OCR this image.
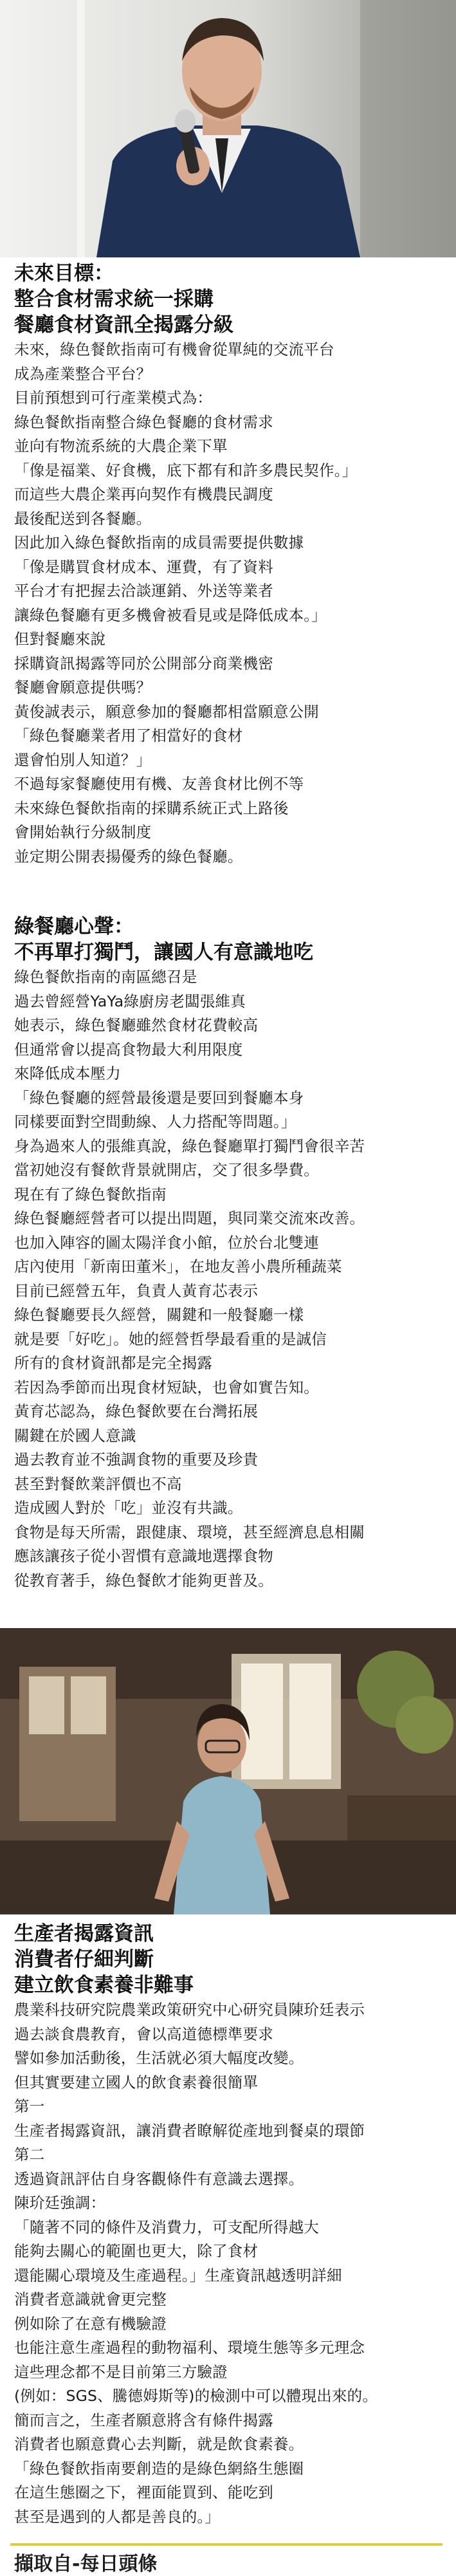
未來目標：
整合食材需求統一採購
餐廳食材資訊全揭露分級
未來，綠色餐飲指南可有機會從單純的交流平台
成為產業整合平台？
目前預想到可行產業模式為：
綠色餐飲指南整合綠色餐廳的食材需求
並向有物流系統的大農企業下單
「像是福業、好食機，底下都有和許多農民契作。」
而這些大農企業再向契作有機農民調度
最後配送到各餐廳。
因此加入綠色餐飲指南的成員需要提供數據
「像是購買食材成本、運費，有了資料
平台才有把握去洽談運銷、外送等業者
讓綠色餐廳有更多機會被看見或是降低成本。」
但對餐廳來說
採購資訊揭露等同於公開部分商業機密
餐廳會願意提供嗎？
黃俊誠表示，願意參加的餐廳都相當願意公開
「綠色餐廳業者用了相當好的食材
還會怕別人知道？」
不過每家餐廳使用有機、友善食材比例不等
未來綠色餐飲指南的採購系統正式上路後
會開始執行分級制度
並定期公開表揚優秀的綠色餐廳。
綠餐廳心聲：
不再單打獨鬥，讓國人有意識地吃
綠色餐飲指南的南區總召是
過去曾經營YaYa綠廚房老闆張維真
她表示，綠色餐廳雖然食材花費較高
但通常會以提高食物最大利用限度
來降低成本壓力
「綠色餐廳的經營最後還是要回到餐廳本身
同樣要面對空間動線、人力搭配等問題。」
身為過來人的張維真說，綠色餐廳單打獨鬥會很辛苦
當初她沒有餐飲背景就開店，交了很多學費。
現在有了綠色餐飲指南
綠色餐廳經營者可以提出問題，與同業交流來改善。
也加入陣容的圖太陽洋食小館，位於台北雙連
店內使用「新南田董米」，在地友善小農所種蔬菜
目前已經營五年，負責人黃育芯表示
綠色餐廳要長久經營，關鍵和一般餐廳一樣
就是要「好吃」。她的經營哲學最看重的是誠信
所有的食材資訊都是完全揭露
若因為季節而出現食材短缺，也會如實告知。
黃育芯認為，綠色餐飲要在台灣拓展
關鍵在於國人意識
過去教育並不強調食物的重要及珍貴
甚至對餐飲業評價也不高
造成國人對於「吃」並沒有共識。
食物是每天所需，跟健康、環境，甚至經濟息息相關
應該讓孩子從小習慣有意識地選擇食物
從教育著手，綠色餐飲才能夠更普及。
生產者揭露資訊
消費者仔細判斷
建立飲食素養非難事
農業科技研究院農業政策研究中心研究員陳玠廷表示
過去談食農教育，會以高道德標準要求
譬如參加活動後，生活就必須大幅度改變。
但其實要建立國人的飲食素養很簡單
第一
生產者揭露資訊，讓消費者瞭解從產地到餐桌的環節
第二
透過資訊評估自身客觀條件有意識去選擇。
陳玠廷強調：
「隨著不同的條件及消費力，可支配所得越大
能夠去關心的範圍也更大，除了食材
還能關心環境及生產過程。」生產資訊越透明詳細
消費者意識就會更完整
例如除了在意有機驗證
也能注意生產過程的動物福利、環境生態等多元理念
這些理念都不是目前第三方驗證
(例如：SGS、騰德姆斯等)的檢測中可以體現出來的。
簡而言之，生產者願意將含有條件揭露
消費者也願意費心去判斷，就是飲食素養。
「綠色餐飲指南要創造的是綠色網絡生態圈
在這生態圈之下，裡面能買到、能吃到
甚至是遇到的人都是善良的。」
擷取自-每日頭條
